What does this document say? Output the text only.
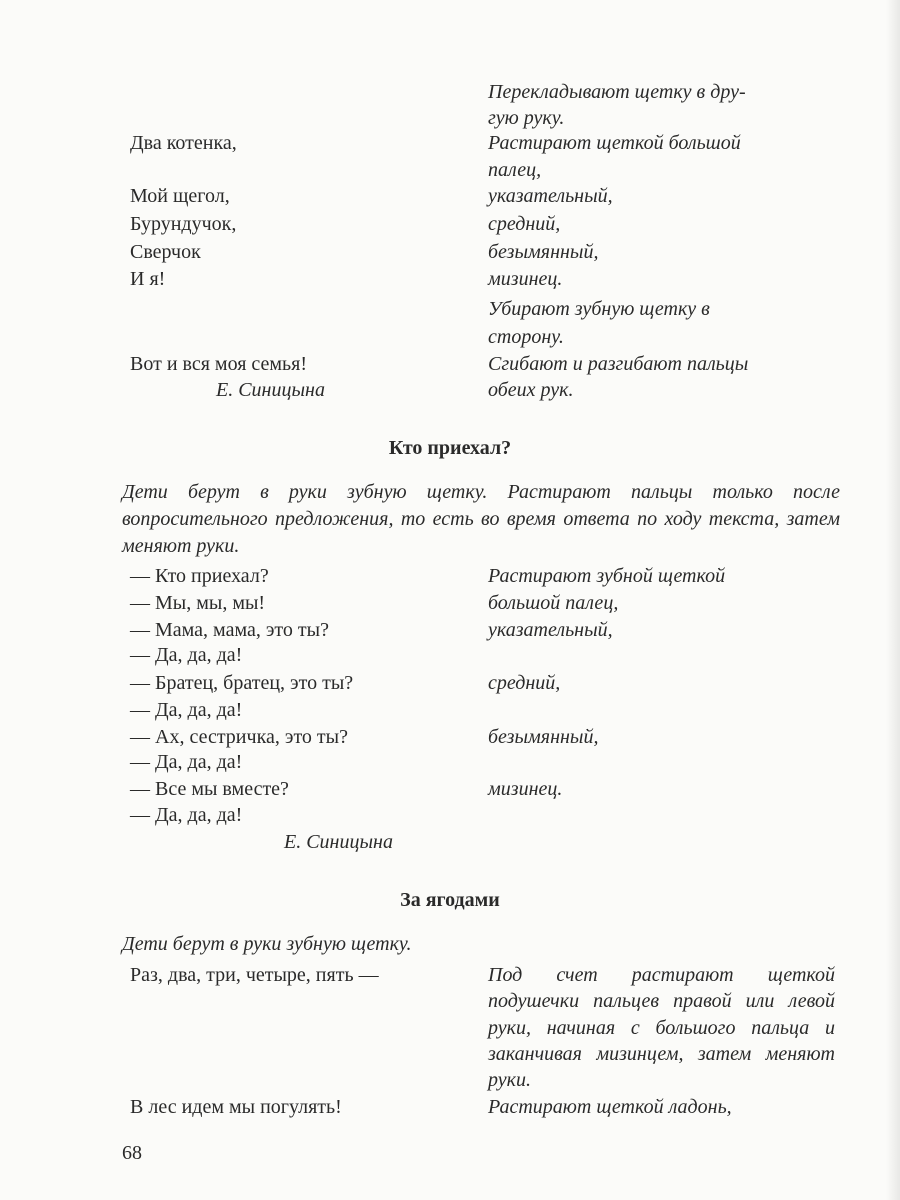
Перекладывают щетку в дру-
гую руку.
Два котенка,	Растирают щеткой большой
палец,
Мой щегол,	указательный,
Бурундучок,	средний,
Сверчок	безымянный,
И я!	мизинец.
Убирают зубную щетку в
сторону.
Вот и вся моя семья!	Сгибают и разгибают пальцы
обеих рук.
Е. Синицына
Кто приехал?
Дети берут в руки зубную щетку. Растирают пальцы только после вопросительного предложения, то есть во время ответа по ходу текста, затем меняют руки.
— Кто приехал?	Растирают зубной щеткой
— Мы, мы, мы!	большой палец,
— Мама, мама, это ты?	указательный,
— Да, да, да!
— Братец, братец, это ты?	средний,
— Да, да, да!
— Ах, сестричка, это ты?	безымянный,
— Да, да, да!
— Все мы вместе?	мизинец.
— Да, да, да!
Е. Синицына
За ягодами
Дети берут в руки зубную щетку.
Раз, два, три, четыре, пять —	Под счет растирают щеткой подушечки пальцев правой или левой руки, начиная с большого пальца и заканчивая мизинцем, затем меняют руки.
В лес идем мы погулять!	Растирают щеткой ладонь,
68
